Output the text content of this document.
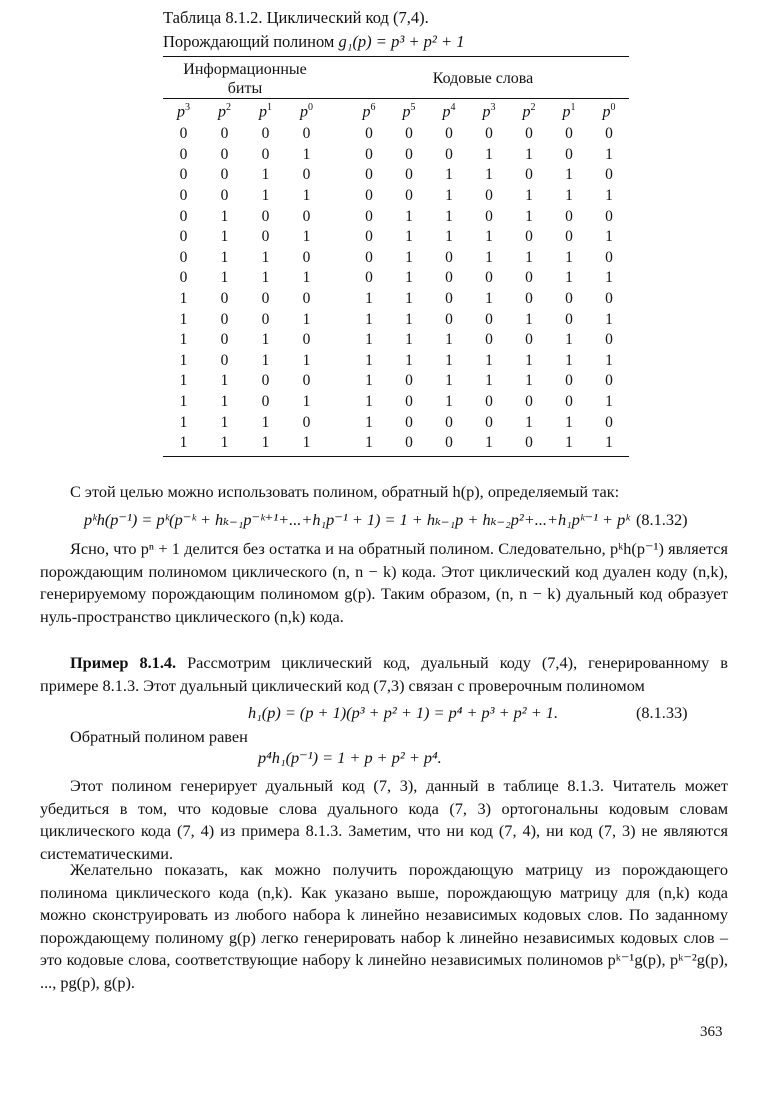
Таблица 8.1.2. Циклический код (7,4).
Порождающий полином g₁(p) = p³ + p² + 1
Информационные биты
Кодовые слова
$p^3$	$p^2$	$p^1$	$p^0$		$p^6$	$p^5$	$p^4$	$p^3$	$p^2$	$p^1$	$p^0$
0	0	0	0		0	0	0	0	0	0	0
0	0	0	1		0	0	0	1	1	0	1
0	0	1	0		0	0	1	1	0	1	0
0	0	1	1		0	0	1	0	1	1	1
0	1	0	0		0	1	1	0	1	0	0
0	1	0	1		0	1	1	1	0	0	1
0	1	1	0		0	1	0	1	1	1	0
0	1	1	1		0	1	0	0	0	1	1
1	0	0	0		1	1	0	1	0	0	0
1	0	0	1		1	1	0	0	1	0	1
1	0	1	0		1	1	1	0	0	1	0
1	0	1	1		1	1	1	1	1	1	1
1	1	0	0		1	0	1	1	1	0	0
1	1	0	1		1	0	1	0	0	0	1
1	1	1	0		1	0	0	0	1	1	0
1	1	1	1		1	0	0	1	0	1	1
С этой целью можно использовать полином, обратный h(p), определяемый так:
pᵏh(p⁻¹) = pᵏ(p⁻ᵏ + hₖ₋₁p⁻ᵏ⁺¹+...+h₁p⁻¹ + 1) = 1 + hₖ₋₁p + hₖ₋₂p²+...+h₁pᵏ⁻¹ + pᵏ (8.1.32)
Ясно, что pⁿ + 1 делится без остатка и на обратный полином. Следовательно, pᵏh(p⁻¹) является порождающим полиномом циклического (n, n − k) кода. Этот циклический код дуален коду (n,k), генерируемому порождающим полиномом g(p). Таким образом, (n, n − k) дуальный код образует нуль-пространство циклического (n,k) кода.
Пример 8.1.4. Рассмотрим циклический код, дуальный коду (7,4), генерированному в примере 8.1.3. Этот дуальный циклический код (7,3) связан с проверочным полиномом
h₁(p) = (p + 1)(p³ + p² + 1) = p⁴ + p³ + p² + 1.	(8.1.33)
Обратный полином равен
p⁴h₁(p⁻¹) = 1 + p + p² + p⁴.
Этот полином генерирует дуальный код (7, 3), данный в таблице 8.1.3. Читатель может убедиться в том, что кодовые слова дуального кода (7, 3) ортогональны кодовым словам циклического кода (7, 4) из примера 8.1.3. Заметим, что ни код (7, 4), ни код (7, 3) не являются систематическими.
Желательно показать, как можно получить порождающую матрицу из порождающего полинома циклического кода (n,k). Как указано выше, порождающую матрицу для (n,k) кода можно сконструировать из любого набора k линейно независимых кодовых слов. По заданному порождающему полиному g(p) легко генерировать набор k линейно независимых кодовых слов – это кодовые слова, соответствующие набору k линейно независимых полиномов pᵏ⁻¹g(p), pᵏ⁻²g(p), ..., pg(p), g(p).
363
